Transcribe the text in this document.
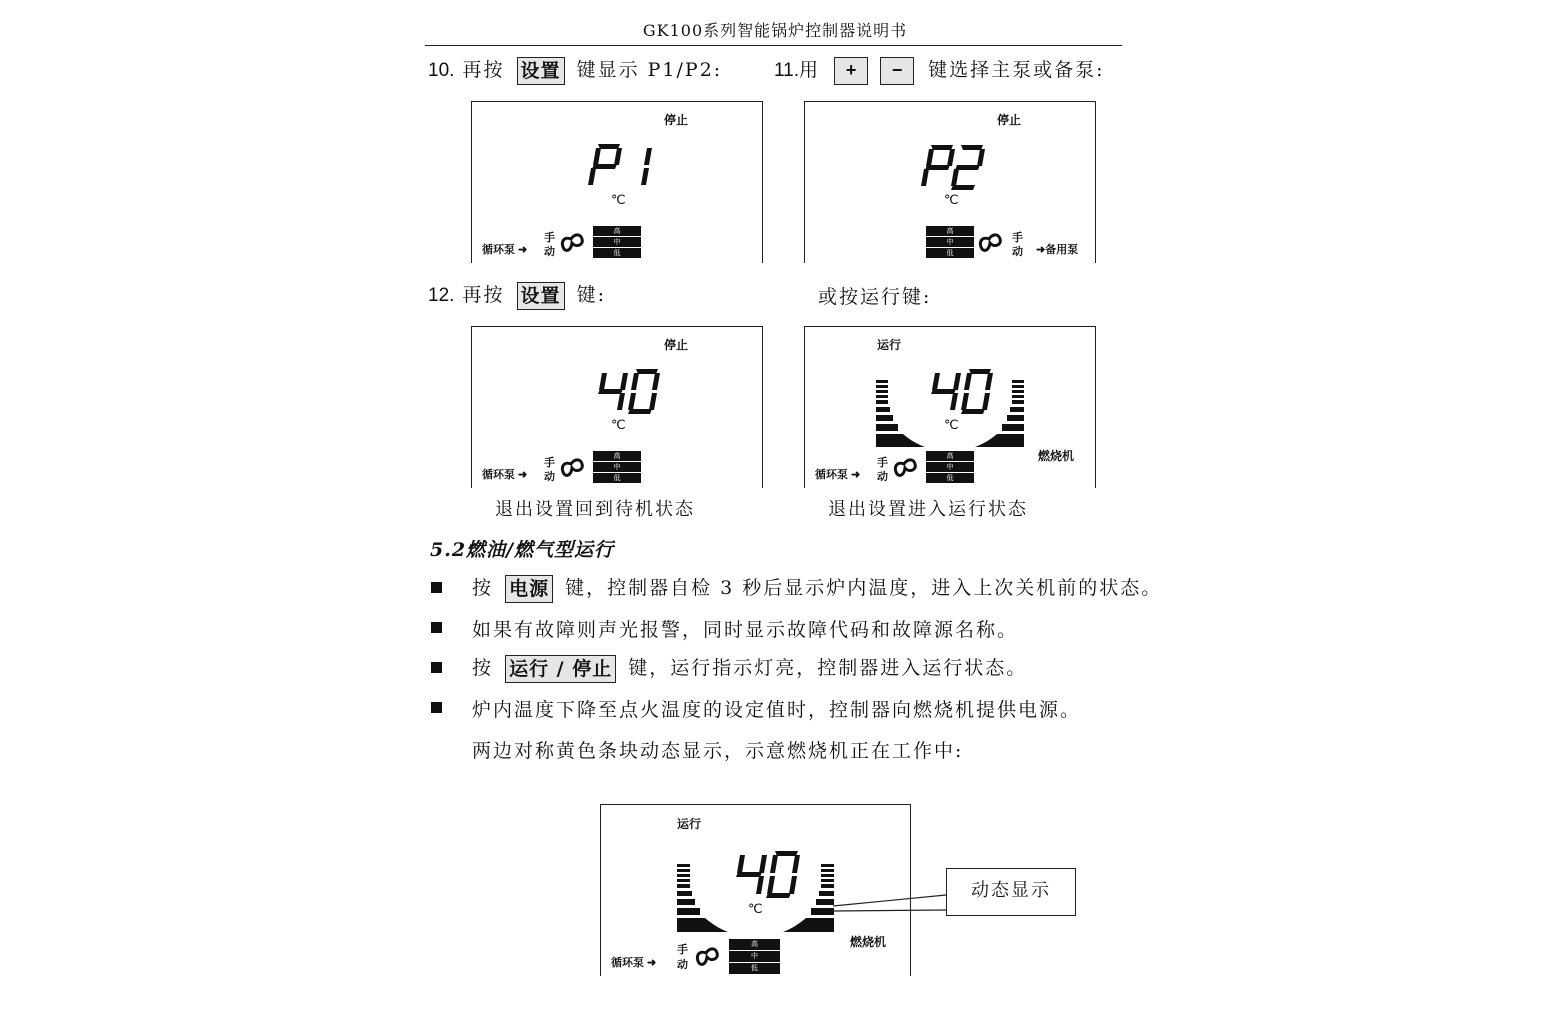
GK100系列智能锅炉控制器说明书
10. 再按 设置 键显示 P1/P2:	11.用 + − 键选择主泵或备泵:
停止
℃
循环泵 ➜
手
动
高
中
低
停止
℃
高
中
低
手
动 ➜备用泵
12. 再按 设置 键:	或按运行键:
停止
℃
循环泵 ➜
手
动
高
中
低
运行
℃
燃烧机
循环泵 ➜
手
动
高
中
低
退出设置回到待机状态	退出设置进入运行状态
5.2燃油/燃气型运行
按 电源 键，控制器自检 3 秒后显示炉内温度，进入上次关机前的状态。
如果有故障则声光报警，同时显示故障代码和故障源名称。
按 运行 / 停止 键，运行指示灯亮，控制器进入运行状态。
炉内温度下降至点火温度的设定值时，控制器向燃烧机提供电源。
两边对称黄色条块动态显示，示意燃烧机正在工作中:
运行
℃
燃烧机
循环泵 ➜
手
动
高
中
低
动态显示
